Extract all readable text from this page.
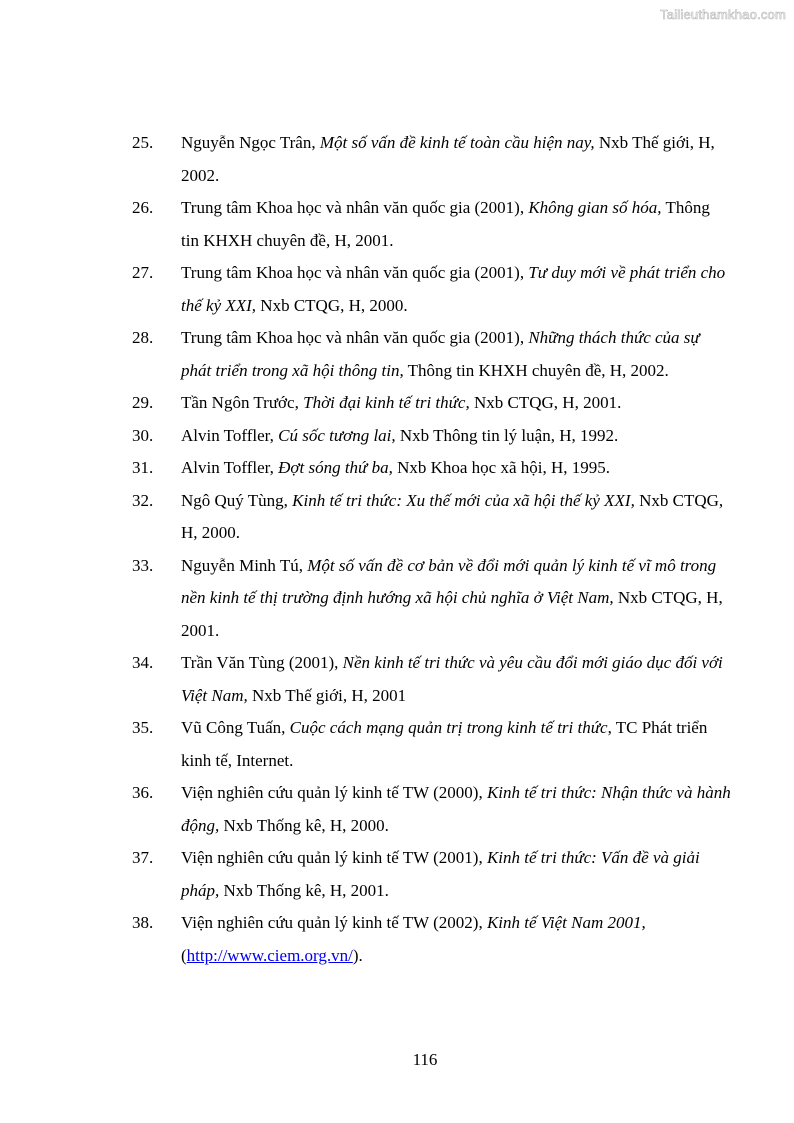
Tailieuthamkhao.com
25. Nguyễn Ngọc Trân, Một số vấn đề kinh tế toàn cầu hiện nay, Nxb Thế giới, H, 2002.
26. Trung tâm Khoa học và nhân văn quốc gia (2001), Không gian số hóa, Thông tin KHXH chuyên đề, H, 2001.
27. Trung tâm Khoa học và nhân văn quốc gia (2001), Tư duy mới về phát triển cho thế kỷ XXI, Nxb CTQG, H, 2000.
28. Trung tâm Khoa học và nhân văn quốc gia (2001), Những thách thức của sự phát triển trong xã hội thông tin, Thông tin KHXH chuyên đề, H, 2002.
29. Tần Ngôn Trước, Thời đại kinh tế tri thức, Nxb CTQG, H, 2001.
30. Alvin Toffler, Cú sốc tương lai, Nxb Thông tin lý luận, H, 1992.
31. Alvin Toffler, Đợt sóng thứ ba, Nxb Khoa học xã hội, H, 1995.
32. Ngô Quý Tùng, Kinh tế tri thức: Xu thế mới của xã hội thế kỷ XXI, Nxb CTQG, H, 2000.
33. Nguyễn Minh Tú, Một số vấn đề cơ bản về đổi mới quản lý kinh tế vĩ mô trong nền kinh tế thị trường định hướng xã hội chủ nghĩa ở Việt Nam, Nxb CTQG, H, 2001.
34. Trần Văn Tùng (2001), Nền kinh tế tri thức và yêu cầu đổi mới giáo dục đối với Việt Nam, Nxb Thế giới, H, 2001
35. Vũ Công Tuấn, Cuộc cách mạng quản trị trong kinh tế tri thức, TC Phát triển kinh tế, Internet.
36. Viện nghiên cứu quản lý kinh tế TW (2000), Kinh tế tri thức: Nhận thức và hành động, Nxb Thống kê, H, 2000.
37. Viện nghiên cứu quản lý kinh tế TW (2001), Kinh tế tri thức: Vấn đề và giải pháp, Nxb Thống kê, H, 2001.
38. Viện nghiên cứu quản lý kinh tế TW (2002), Kinh tế Việt Nam 2001,
(http://www.ciem.org.vn/).
116
